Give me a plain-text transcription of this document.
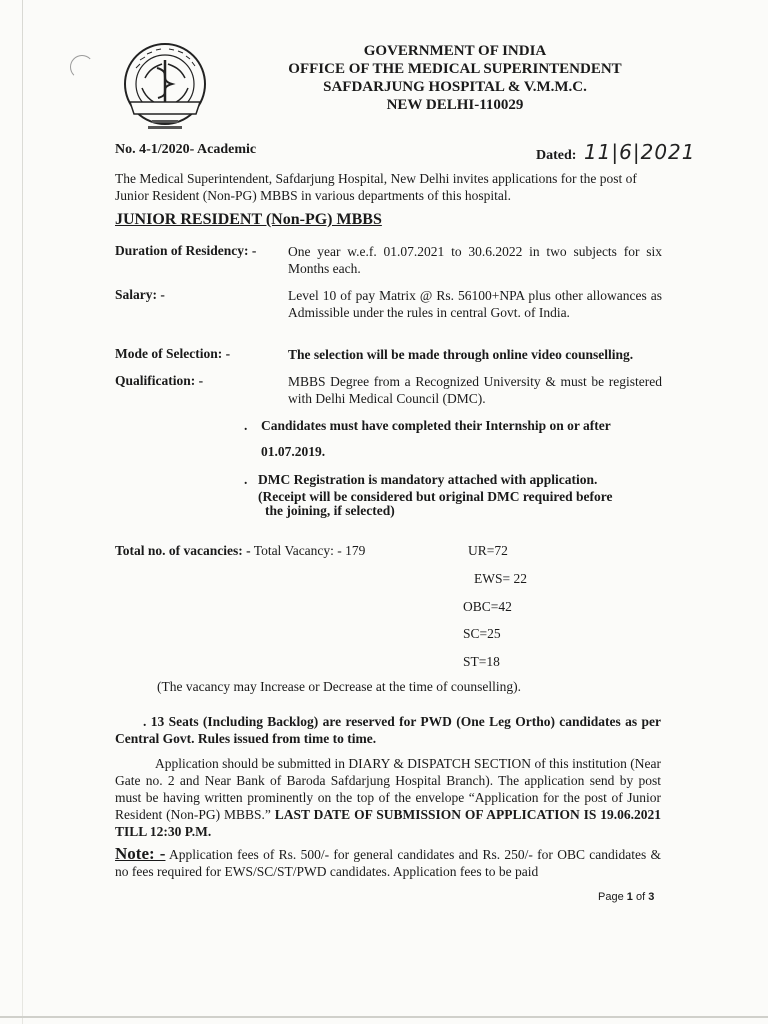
GOVERNMENT OF INDIA
OFFICE OF THE MEDICAL SUPERINTENDENT
SAFDARJUNG HOSPITAL & V.M.M.C.
NEW DELHI-110029
No. 4-1/2020- Academic	Dated: 11|6|2021
The Medical Superintendent, Safdarjung Hospital, New Delhi invites applications for the post of Junior Resident (Non-PG) MBBS in various departments of this hospital.
JUNIOR RESIDENT (Non-PG) MBBS
Duration of Residency: - One year w.e.f. 01.07.2021 to 30.6.2022 in two subjects for six Months each.
Salary: -	Level 10 of pay Matrix @ Rs. 56100+NPA plus other allowances as Admissible under the rules in central Govt. of India.
Mode of Selection: -	The selection will be made through online video counselling.
Qualification: -	MBBS Degree from a Recognized University & must be registered with Delhi Medical Council (DMC).
. Candidates must have completed their Internship on or after
01.07.2019.
. DMC Registration is mandatory attached with application.
(Receipt will be considered but original DMC required before
the joining, if selected)
Total no. of vacancies: - Total Vacancy: - 179	UR=72
EWS= 22
OBC=42
SC=25
ST=18
(The vacancy may Increase or Decrease at the time of counselling).
. 13 Seats (Including Backlog) are reserved for PWD (One Leg Ortho) candidates as per Central Govt. Rules issued from time to time.
Application should be submitted in DIARY & DISPATCH SECTION of this institution (Near Gate no. 2 and Near Bank of Baroda Safdarjung Hospital Branch). The application send by post must be having written prominently on the top of the envelope “Application for the post of Junior Resident (Non-PG) MBBS.” LAST DATE OF SUBMISSION OF APPLICATION IS 19.06.2021 TILL 12:30 P.M.
Note: - Application fees of Rs. 500/- for general candidates and Rs. 250/- for OBC candidates & no fees required for EWS/SC/ST/PWD candidates. Application fees to be paid
Page 1 of 3
